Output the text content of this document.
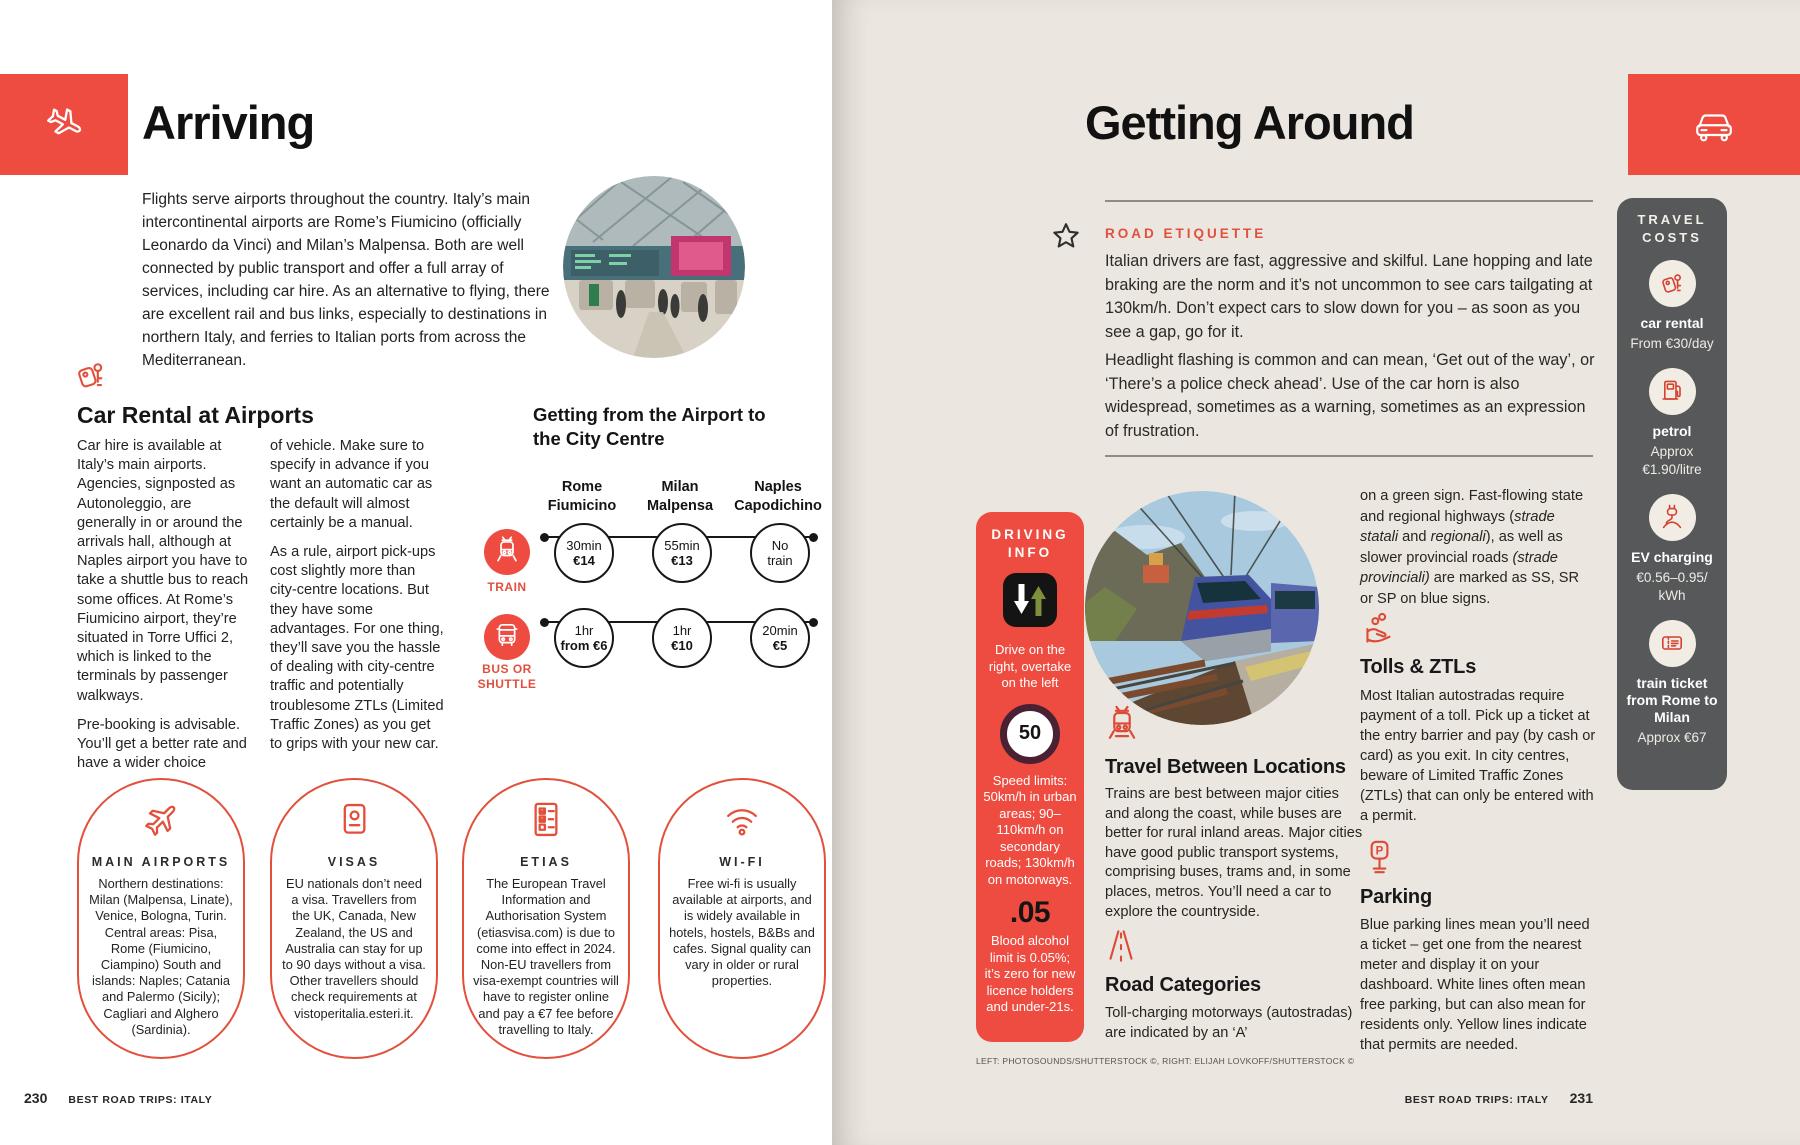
Arriving
Flights serve airports throughout the country. Italy’s main intercontinental airports are Rome’s Fiumicino (officially Leonardo da Vinci) and Milan’s Malpensa. Both are well connected by public transport and offer a full array of services, including car hire. As an alternative to flying, there are excellent rail and bus links, especially to destinations in northern Italy, and ferries to Italian ports from across the Mediterranean.
Car Rental at Airports

Car hire is available at Italy’s main airports. Agencies, signposted as Autonoleggio, are generally in or around the arrivals hall, although at Naples airport you have to take a shuttle bus to reach some offices. At Rome’s Fiumicino airport, they’re situated in Torre Uffici 2, which is linked to the terminals by passenger walkways.

Pre-booking is advisable. You’ll get a better rate and have a wider choice

of vehicle. Make sure to specify in advance if you want an automatic car as the default will almost certainly be a manual.

As a rule, airport pick-ups cost slightly more than city-centre locations. But they have some advantages. For one thing, they’ll save you the hassle of dealing with city-centre traffic and potentially troublesome ZTLs (Limited Traffic Zones) as you get to grips with your new car.

Getting from the Airport to the City Centre
Rome
Fiumicino
Milan
Malpensa
Naples
Capodichino
30min
€14
55min
€13
No
train
TRAIN
1hr
from €6
1hr
€10
20min
€5
BUS OR SHUTTLE
MAIN AIRPORTS
Northern destinations: Milan (Malpensa, Linate), Venice, Bologna, Turin. Central areas: Pisa, Rome (Fiumicino, Ciampino) South and islands: Naples; Catania and Palermo (Sicily); Cagliari and Alghero (Sardinia).
VISAS
EU nationals don’t need a visa. Travellers from the UK, Canada, New Zealand, the US and Australia can stay for up to 90 days without a visa. Other travellers should check requirements at vistoperitalia.esteri.it.
ETIAS
The European Travel Information and Authorisation System (etiasvisa.com) is due to come into effect in 2024. Non-EU travellers from visa-exempt countries will have to register online and pay a €7 fee before travelling to Italy.
WI-FI
Free wi-fi is usually available at airports, and is widely available in hotels, hostels, B&Bs and cafes. Signal quality can vary in older or rural properties.
230 BEST ROAD TRIPS: ITALY
Getting Around
ROAD ETIQUETTE
Italian drivers are fast, aggressive and skilful. Lane hopping and late braking are the norm and it’s not uncommon to see cars tailgating at 130km/h. Don’t expect cars to slow down for you – as soon as you see a gap, go for it.
Headlight flashing is common and can mean, ‘Get out of the way’, or ‘There’s a police check ahead’. Use of the car horn is also widespread, sometimes as a warning, sometimes as an expression of frustration.
DRIVING INFO
Drive on the right, overtake on the left
50
Speed limits: 50km/h in urban areas; 90–110km/h on secondary roads; 130km/h on motorways.
.05
Blood alcohol limit is 0.05%; it’s zero for new licence holders and under-21s.
Travel Between Locations
Trains are best between major cities and along the coast, while buses are better for rural inland areas. Major cities have good public transport systems, comprising buses, trams and, in some places, metros. You’ll need a car to explore the countryside.
Road Categories
Toll-charging motorways (autostradas) are indicated by an ‘A’
on a green sign. Fast-flowing state and regional highways (strade statali and regionali), as well as slower provincial roads (strade provinciali) are marked as SS, SR or SP on blue signs.
Tolls & ZTLs
Most Italian autostradas require payment of a toll. Pick up a ticket at the entry barrier and pay (by cash or card) as you exit. In city centres, beware of Limited Traffic Zones (ZTLs) that can only be entered with a permit.
P
Parking
Blue parking lines mean you’ll need a ticket – get one from the nearest meter and display it on your dashboard. White lines often mean free parking, but can also mean for residents only. Yellow lines indicate that permits are needed.
LEFT: PHOTOSOUNDS/SHUTTERSTOCK ©, RIGHT: ELIJAH LOVKOFF/SHUTTERSTOCK ©
TRAVEL COSTS
car rental
From €30/day
petrol
Approx €1.90/litre
EV charging
€0.56–0.95/ kWh
train ticket from Rome to Milan
Approx €67
BEST ROAD TRIPS: ITALY 231
